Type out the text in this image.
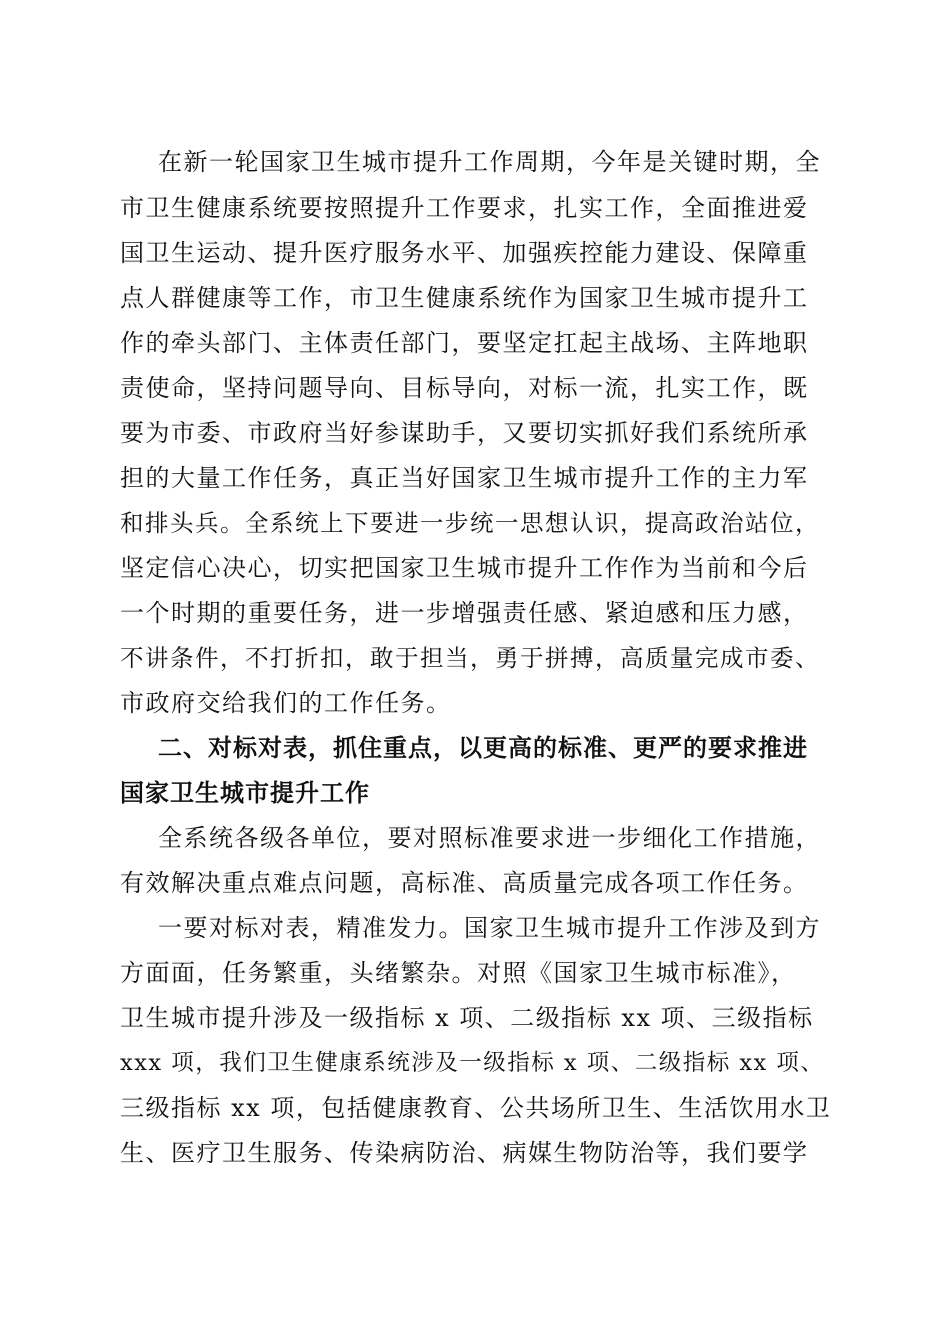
在新一轮国家卫生城市提升工作周期，今年是关键时期，全

市卫生健康系统要按照提升工作要求，扎实工作，全面推进爱

国卫生运动、提升医疗服务水平、加强疾控能力建设、保障重

点人群健康等工作，市卫生健康系统作为国家卫生城市提升工

作的牵头部门、主体责任部门，要坚定扛起主战场、主阵地职

责使命，坚持问题导向、目标导向，对标一流，扎实工作，既

要为市委、市政府当好参谋助手，又要切实抓好我们系统所承

担的大量工作任务，真正当好国家卫生城市提升工作的主力军

和排头兵。全系统上下要进一步统一思想认识，提高政治站位，

坚定信心决心，切实把国家卫生城市提升工作作为当前和今后

一个时期的重要任务，进一步增强责任感、紧迫感和压力感，

不讲条件，不打折扣，敢于担当，勇于拼搏，高质量完成市委、

市政府交给我们的工作任务。

二、对标对表，抓住重点，以更高的标准、更严的要求推进

国家卫生城市提升工作

全系统各级各单位，要对照标准要求进一步细化工作措施，

有效解决重点难点问题，高标准、高质量完成各项工作任务。

一要对标对表，精准发力。国家卫生城市提升工作涉及到方

方面面，任务繁重，头绪繁杂。对照《国家卫生城市标准》，

卫生城市提升涉及一级指标 x 项、二级指标 xx 项、三级指标

xxx 项，我们卫生健康系统涉及一级指标 x 项、二级指标 xx 项、

三级指标 xx 项，包括健康教育、公共场所卫生、生活饮用水卫

生、医疗卫生服务、传染病防治、病媒生物防治等，我们要学
